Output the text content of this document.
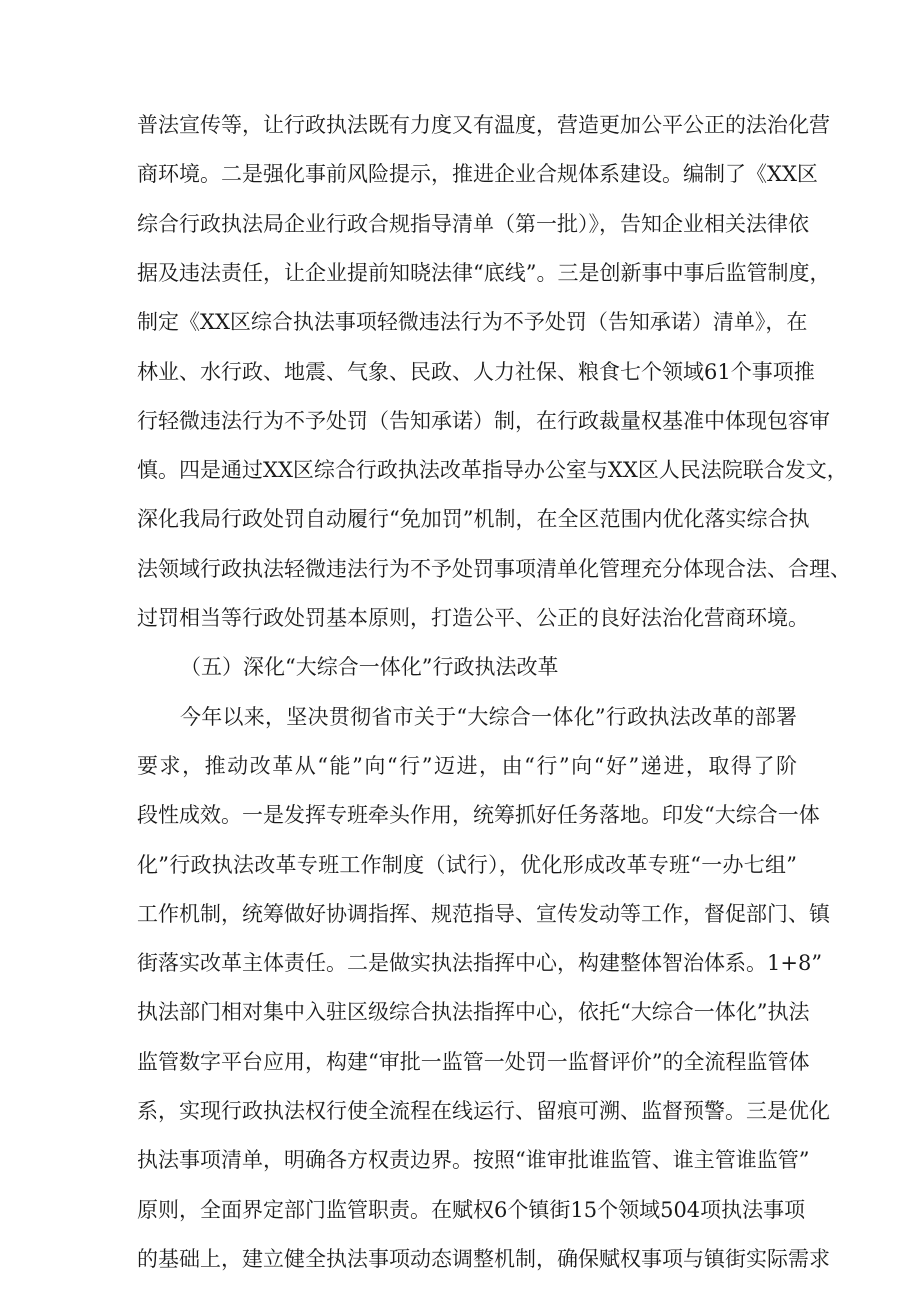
普法宣传等，让行政执法既有力度又有温度，营造更加公平公正的法治化营
商环境。二是强化事前风险提示，推进企业合规体系建设。编制了《XX区
综合行政执法局企业行政合规指导清单（第一批）》，告知企业相关法律依
据及违法责任，让企业提前知晓法律“底线”。三是创新事中事后监管制度，
制定《XX区综合执法事项轻微违法行为不予处罚（告知承诺）清单》，在
林业、水行政、地震、气象、民政、人力社保、粮食七个领域61个事项推
行轻微违法行为不予处罚（告知承诺）制，在行政裁量权基准中体现包容审
慎。四是通过XX区综合行政执法改革指导办公室与XX区人民法院联合发文，
深化我局行政处罚自动履行“免加罚”机制，在全区范围内优化落实综合执
法领域行政执法轻微违法行为不予处罚事项清单化管理充分体现合法、合理、
过罚相当等行政处罚基本原则，打造公平、公正的良好法治化营商环境。
（五）深化“大综合一体化”行政执法改革
今年以来，坚决贯彻省市关于“大综合一体化”行政执法改革的部署
要求，推动改革从“能”向“行”迈进，由“行”向“好”递进，取得了阶
段性成效。一是发挥专班牵头作用，统筹抓好任务落地。印发“大综合一体
化”行政执法改革专班工作制度（试行），优化形成改革专班“一办七组”
工作机制，统筹做好协调指挥、规范指导、宣传发动等工作，督促部门、镇
街落实改革主体责任。二是做实执法指挥中心，构建整体智治体系。1+8”
执法部门相对集中入驻区级综合执法指挥中心，依托“大综合一体化”执法
监管数字平台应用，构建“审批一监管一处罚一监督评价”的全流程监管体
系，实现行政执法权行使全流程在线运行、留痕可溯、监督预警。三是优化
执法事项清单，明确各方权责边界。按照“谁审批谁监管、谁主管谁监管”
原则，全面界定部门监管职责。在赋权6个镇街15个领域504项执法事项
的基础上，建立健全执法事项动态调整机制，确保赋权事项与镇街实际需求
